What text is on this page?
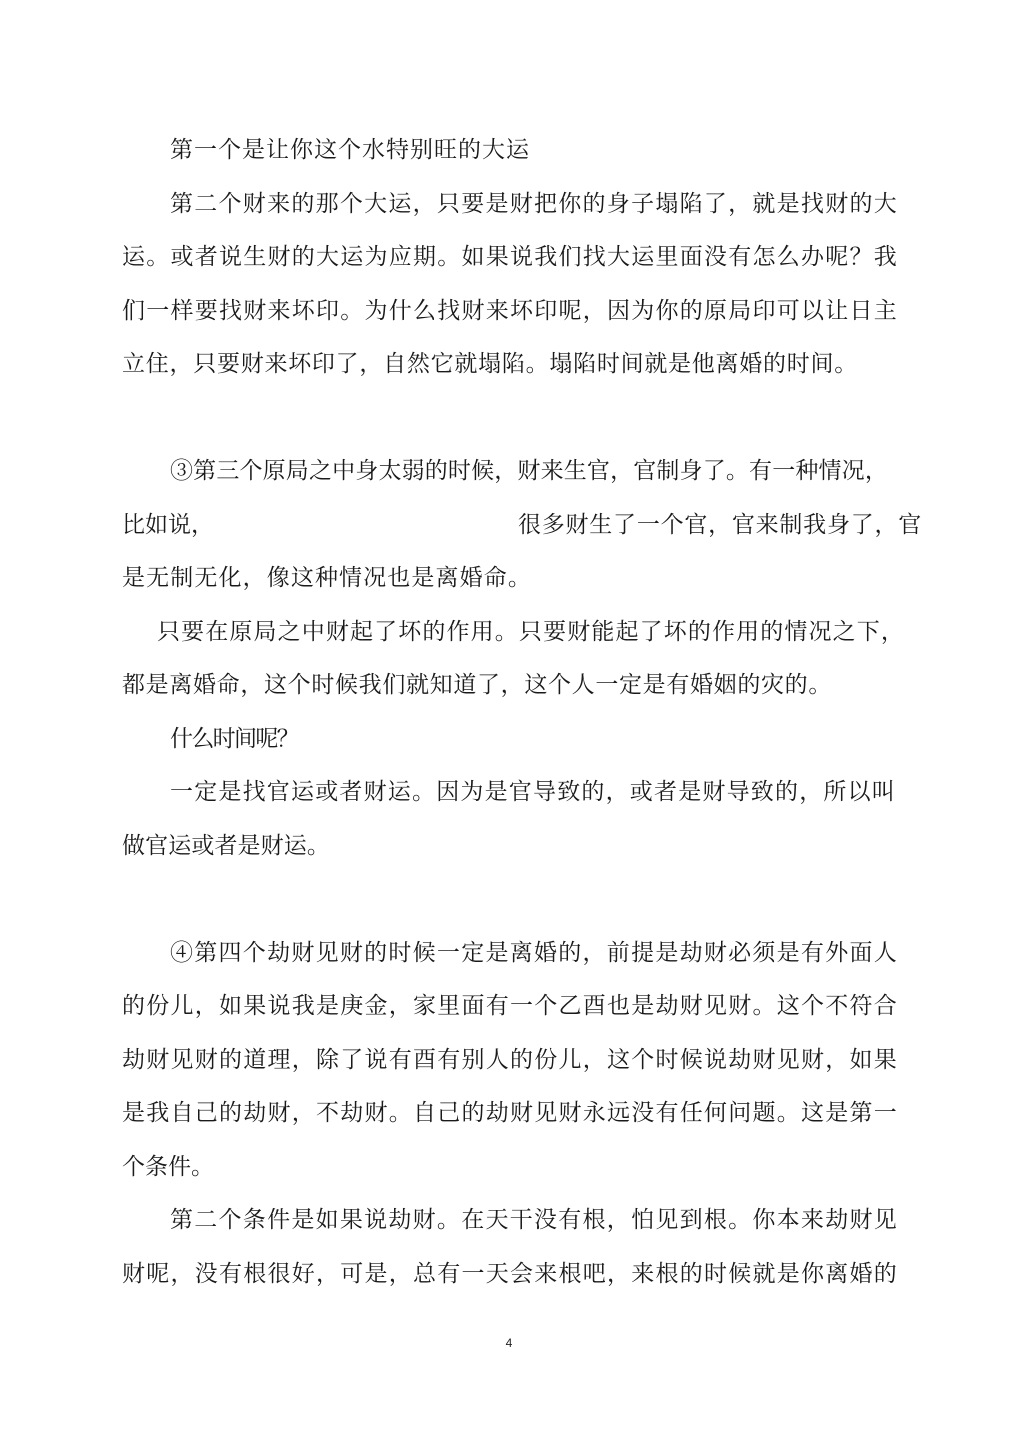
第一个是让你这个水特别旺的大运
第二个财来的那个大运，只要是财把你的身子塌陷了，就是找财的大
运。或者说生财的大运为应期。如果说我们找大运里面没有怎么办呢？我
们一样要找财来坏印。为什么找财来坏印呢，因为你的原局印可以让日主
立住，只要财来坏印了，自然它就塌陷。塌陷时间就是他离婚的时间。
③第三个原局之中身太弱的时候，财来生官，官制身了。有一种情况，
比如说，	很多财生了一个官，官来制我身了，官
是无制无化，像这种情况也是离婚命。
只要在原局之中财起了坏的作用。只要财能起了坏的作用的情况之下，
都是离婚命，这个时候我们就知道了，这个人一定是有婚姻的灾的。
什么时间呢？
一定是找官运或者财运。因为是官导致的，或者是财导致的，所以叫
做官运或者是财运。
④第四个劫财见财的时候一定是离婚的，前提是劫财必须是有外面人
的份儿，如果说我是庚金，家里面有一个乙酉也是劫财见财。这个不符合
劫财见财的道理，除了说有酉有别人的份儿，这个时候说劫财见财，如果
是我自己的劫财，不劫财。自己的劫财见财永远没有任何问题。这是第一
个条件。
第二个条件是如果说劫财。在天干没有根，怕见到根。你本来劫财见
财呢，没有根很好，可是，总有一天会来根吧，来根的时候就是你离婚的
4
